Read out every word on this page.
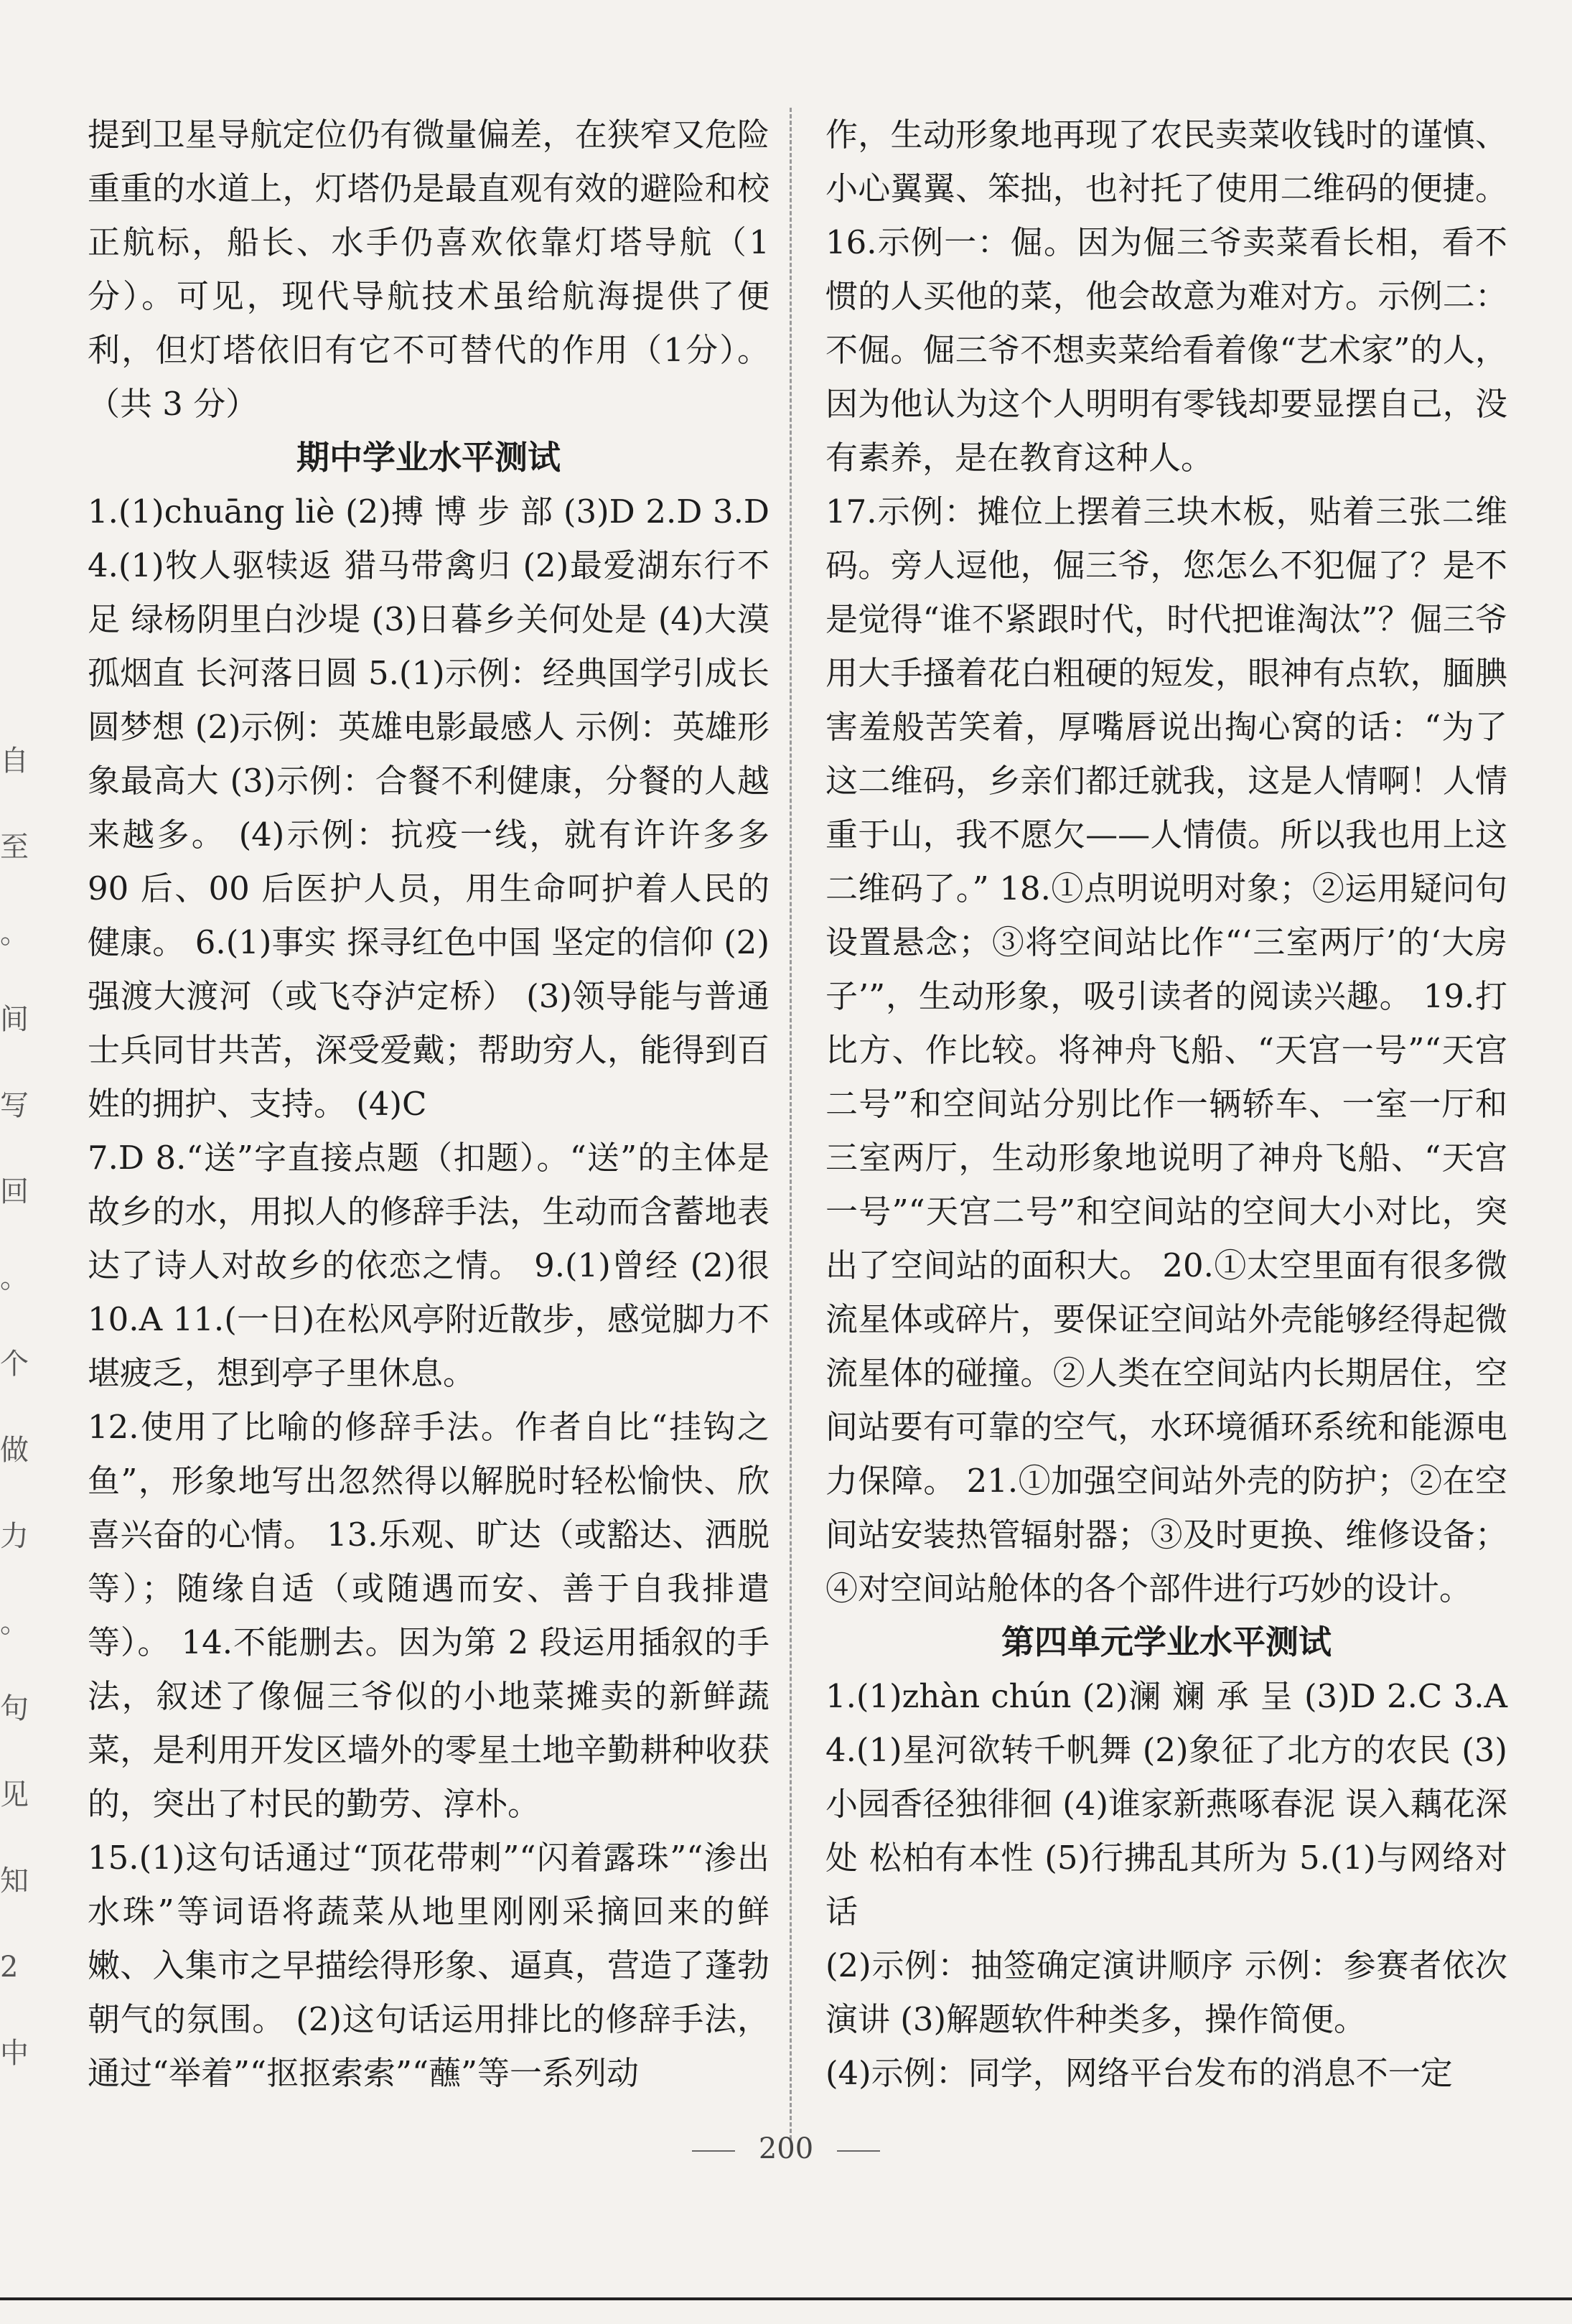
自
至
。
间
写
回
。
个
做
力
。
句
见
知
2
中

提到卫星导航定位仍有微量偏差，在狭窄又危险重重的水道上，灯塔仍是最直观有效的避险和校正航标，船长、水手仍喜欢依靠灯塔导航（1分）。可见，现代导航技术虽给航海提供了便利，但灯塔依旧有它不可替代的作用（1分）。（共 3 分）

期中学业水平测试

1.(1)chuāng liè (2)搏 博 步 部 (3)D 2.D 3.D 4.(1)牧人驱犊返 猎马带禽归 (2)最爱湖东行不足 绿杨阴里白沙堤 (3)日暮乡关何处是 (4)大漠孤烟直 长河落日圆 5.(1)示例：经典国学引成长圆梦想 (2)示例：英雄电影最感人 示例：英雄形象最高大 (3)示例：合餐不利健康，分餐的人越来越多。 (4)示例：抗疫一线，就有许许多多 90 后、00 后医护人员，用生命呵护着人民的健康。 6.(1)事实 探寻红色中国 坚定的信仰 (2)强渡大渡河（或飞夺泸定桥） (3)领导能与普通士兵同甘共苦，深受爱戴；帮助穷人，能得到百姓的拥护、支持。 (4)C

7.D 8.“送”字直接点题（扣题）。“送”的主体是故乡的水，用拟人的修辞手法，生动而含蓄地表达了诗人对故乡的依恋之情。 9.(1)曾经 (2)很 10.A 11.(一日)在松风亭附近散步，感觉脚力不堪疲乏，想到亭子里休息。

12.使用了比喻的修辞手法。作者自比“挂钩之鱼”，形象地写出忽然得以解脱时轻松愉快、欣喜兴奋的心情。 13.乐观、旷达（或豁达、洒脱等）；随缘自适（或随遇而安、善于自我排遣等）。 14.不能删去。因为第 2 段运用插叙的手法，叙述了像倔三爷似的小地菜摊卖的新鲜蔬菜，是利用开发区墙外的零星土地辛勤耕种收获的，突出了村民的勤劳、淳朴。

15.(1)这句话通过“顶花带刺”“闪着露珠”“渗出水珠”等词语将蔬菜从地里刚刚采摘回来的鲜嫩、入集市之早描绘得形象、逼真，营造了蓬勃朝气的氛围。 (2)这句话运用排比的修辞手法，通过“举着”“抠抠索索”“蘸”等一系列动

作，生动形象地再现了农民卖菜收钱时的谨慎、小心翼翼、笨拙，也衬托了使用二维码的便捷。 16.示例一：倔。因为倔三爷卖菜看长相，看不惯的人买他的菜，他会故意为难对方。示例二：不倔。倔三爷不想卖菜给看着像“艺术家”的人，因为他认为这个人明明有零钱却要显摆自己，没有素养，是在教育这种人。

17.示例：摊位上摆着三块木板，贴着三张二维码。旁人逗他，倔三爷，您怎么不犯倔了？是不是觉得“谁不紧跟时代，时代把谁淘汰”？倔三爷用大手搔着花白粗硬的短发，眼神有点软，腼腆害羞般苦笑着，厚嘴唇说出掏心窝的话：“为了这二维码，乡亲们都迁就我，这是人情啊！人情重于山，我不愿欠——人情债。所以我也用上这二维码了。” 18.①点明说明对象；②运用疑问句设置悬念；③将空间站比作“‘三室两厅’的‘大房子’”，生动形象，吸引读者的阅读兴趣。 19.打比方、作比较。将神舟飞船、“天宫一号”“天宫二号”和空间站分别比作一辆轿车、一室一厅和三室两厅，生动形象地说明了神舟飞船、“天宫一号”“天宫二号”和空间站的空间大小对比，突出了空间站的面积大。 20.①太空里面有很多微流星体或碎片，要保证空间站外壳能够经得起微流星体的碰撞。②人类在空间站内长期居住，空间站要有可靠的空气，水环境循环系统和能源电力保障。 21.①加强空间站外壳的防护；②在空间站安装热管辐射器；③及时更换、维修设备；④对空间站舱体的各个部件进行巧妙的设计。

第四单元学业水平测试

1.(1)zhàn chún (2)澜 斓 承 呈 (3)D 2.C 3.A 4.(1)星河欲转千帆舞 (2)象征了北方的农民 (3)小园香径独徘徊 (4)谁家新燕啄春泥 误入藕花深处 松柏有本性 (5)行拂乱其所为 5.(1)与网络对话

(2)示例：抽签确定演讲顺序 示例：参赛者依次演讲 (3)解题软件种类多，操作简便。

(4)示例：同学，网络平台发布的消息不一定

200
